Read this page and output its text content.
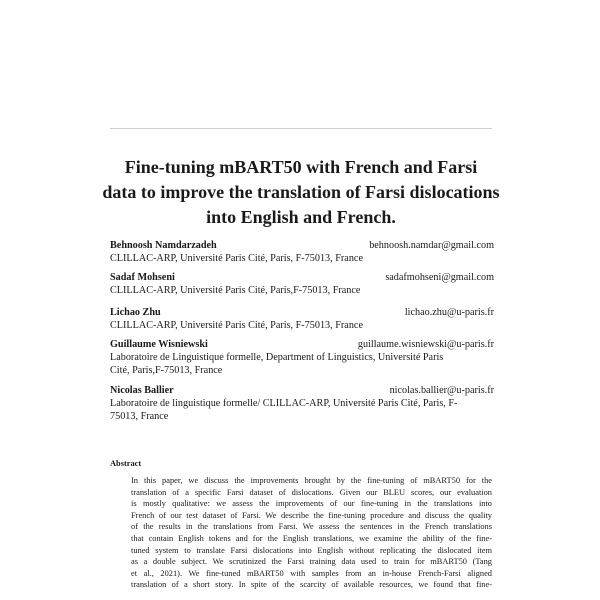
Fine-tuning mBART50 with French and Farsi
data to improve the translation of Farsi dislocations
into English and French.
Behnoosh Namdarzadeh	behnoosh.namdar@gmail.com
CLILLAC-ARP, Université Paris Cité, Paris, F-75013, France
Sadaf Mohseni	sadafmohseni@gmail.com
CLILLAC-ARP, Université Paris Cité, Paris,F-75013, France
Lichao Zhu	lichao.zhu@u-paris.fr
CLILLAC-ARP, Université Paris Cité, Paris, F-75013, France
Guillaume Wisniewski	guillaume.wisniewski@u-paris.fr
Laboratoire de Linguistique formelle, Department of Linguistics, Université Paris
Cité, Paris,F-75013, France
Nicolas Ballier	nicolas.ballier@u-paris.fr
Laboratoire de linguistique formelle/ CLILLAC-ARP, Université Paris Cité, Paris, F-
75013, France
Abstract
In this paper, we discuss the improvements brought by the fine-tuning of mBART50 for the
translation of a specific Farsi dataset of dislocations. Given our BLEU scores, our evaluation
is mostly qualitative: we assess the improvements of our fine-tuning in the translations into
French of our test dataset of Farsi. We describe the fine-tuning procedure and discuss the quality
of the results in the translations from Farsi. We assess the sentences in the French translations
that contain English tokens and for the English translations, we examine the ability of the fine-
tuned system to translate Farsi dislocations into English without replicating the dislocated item
as a double subject. We scrutinized the Farsi training data used to train for mBART50 (Tang
et al., 2021). We fine-tuned mBART50 with samples from an in-house French-Farsi aligned
translation of a short story. In spite of the scarcity of available resources, we found that fine-
